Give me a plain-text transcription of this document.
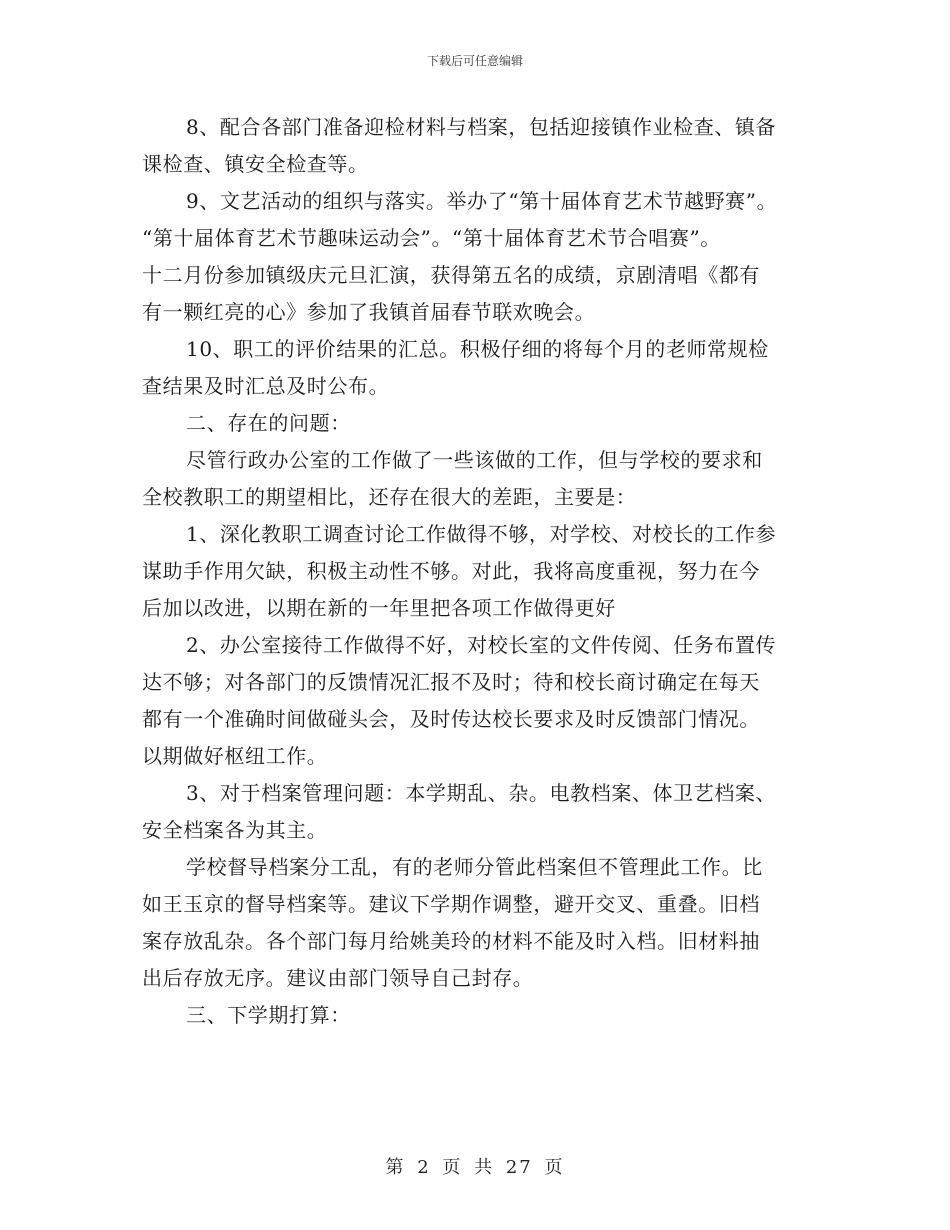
下载后可任意编辑
8、配合各部门准备迎检材料与档案，包括迎接镇作业检查、镇备
课检查、镇安全检查等。
9、文艺活动的组织与落实。举办了“第十届体育艺术节越野赛”。
“第十届体育艺术节趣味运动会”。“第十届体育艺术节合唱赛”。
十二月份参加镇级庆元旦汇演，获得第五名的成绩，京剧清唱《都有
有一颗红亮的心》参加了我镇首届春节联欢晚会。
10、职工的评价结果的汇总。积极仔细的将每个月的老师常规检
查结果及时汇总及时公布。
二、存在的问题：
尽管行政办公室的工作做了一些该做的工作，但与学校的要求和
全校教职工的期望相比，还存在很大的差距，主要是：
1、深化教职工调查讨论工作做得不够，对学校、对校长的工作参
谋助手作用欠缺，积极主动性不够。对此，我将高度重视，努力在今
后加以改进，以期在新的一年里把各项工作做得更好
2、办公室接待工作做得不好，对校长室的文件传阅、任务布置传
达不够；对各部门的反馈情况汇报不及时；待和校长商讨确定在每天
都有一个准确时间做碰头会，及时传达校长要求及时反馈部门情况。
以期做好枢纽工作。
3、对于档案管理问题：本学期乱、杂。电教档案、体卫艺档案、
安全档案各为其主。
学校督导档案分工乱，有的老师分管此档案但不管理此工作。比
如王玉京的督导档案等。建议下学期作调整，避开交叉、重叠。旧档
案存放乱杂。各个部门每月给姚美玲的材料不能及时入档。旧材料抽
出后存放无序。建议由部门领导自己封存。
三、下学期打算：
第 2 页 共 27 页
